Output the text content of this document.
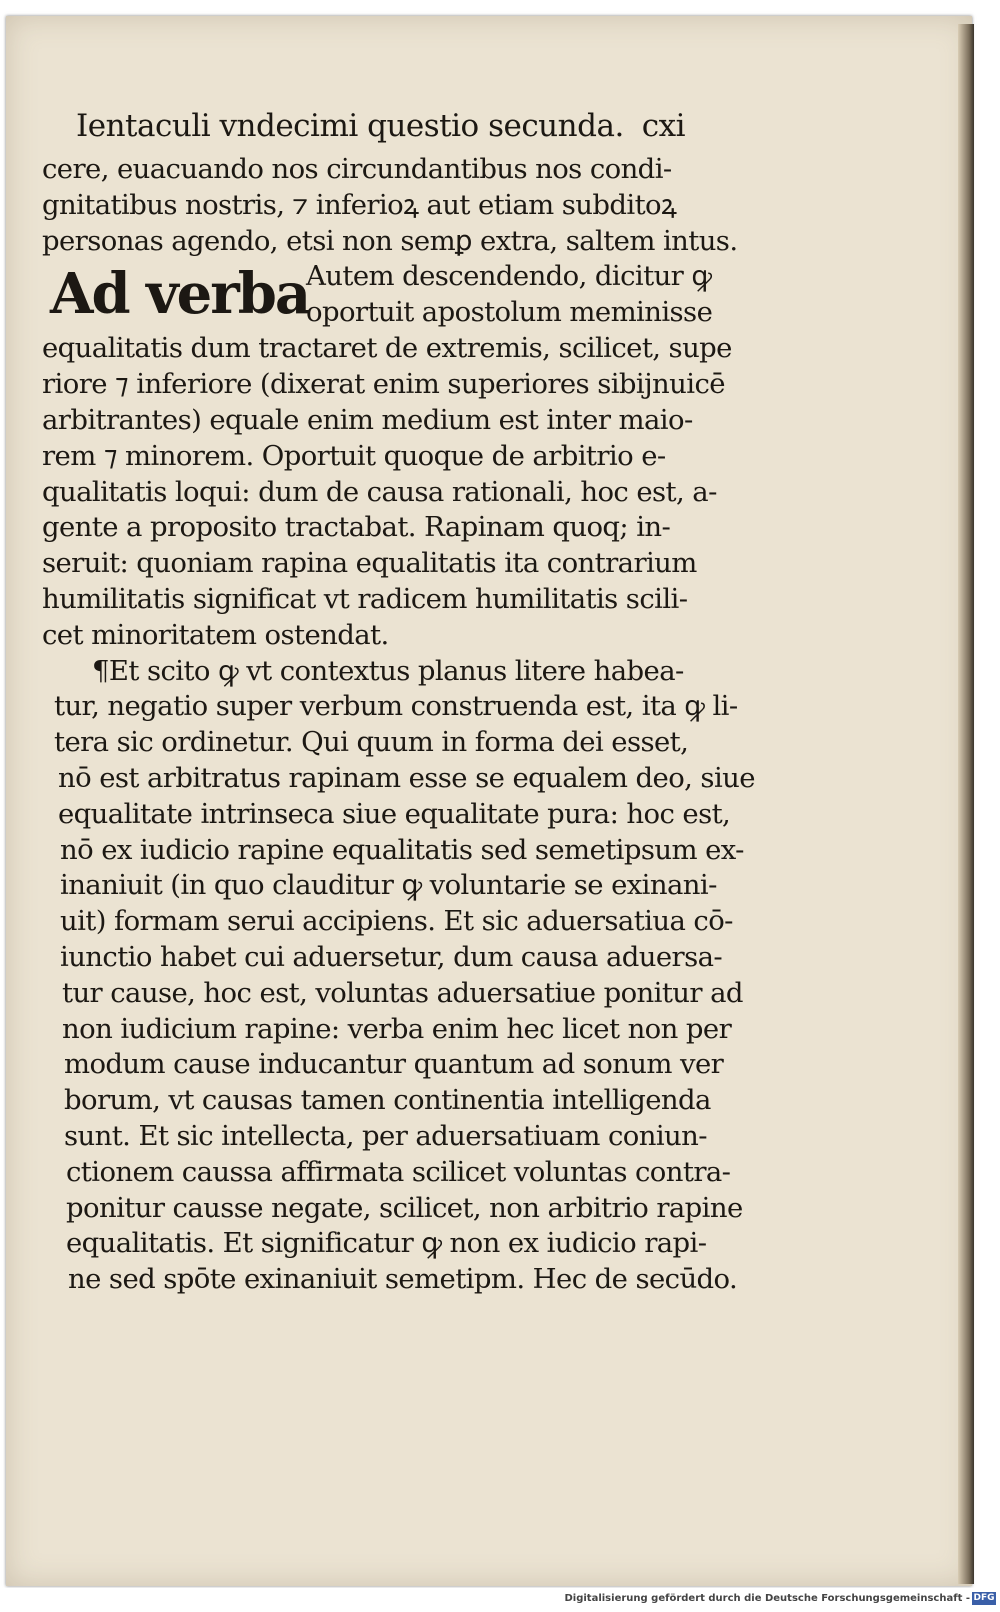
Ientaculi vndecimi questio secunda. cxi
cere, euacuando nos circundantibus nos condi-
gnitatibus nostris, ⁊ inferioꝝ aut etiam subditoꝝ
personas agendo, etsi non semꝑ extra, saltem intus.
Ad verba
Autem descendendo, dicitur ꝙ
oportuit apostolum meminisse
equalitatis dum tractaret de extremis, scilicet, supe
riore ⁊ inferiore (dixerat enim superiores sibijnuicē
arbitrantes) equale enim medium est inter maio-
rem ⁊ minorem. Oportuit quoque de arbitrio e-
qualitatis loqui: dum de causa rationali, hoc est, a-
gente a proposito tractabat. Rapinam quoq; in-
seruit: quoniam rapina equalitatis ita contrarium
humilitatis significat vt radicem humilitatis scili-
cet minoritatem ostendat.
¶Et scito ꝙ vt contextus planus litere habea-
tur, negatio super verbum construenda est, ita ꝙ li-
tera sic ordinetur. Qui quum in forma dei esset,
nō est arbitratus rapinam esse se equalem deo, siue
equalitate intrinseca siue equalitate pura: hoc est,
nō ex iudicio rapine equalitatis sed semetipsum ex-
inaniuit (in quo clauditur ꝙ voluntarie se exinani-
uit) formam serui accipiens. Et sic aduersatiua cō-
iunctio habet cui aduersetur, dum causa aduersa-
tur cause, hoc est, voluntas aduersatiue ponitur ad
non iudicium rapine: verba enim hec licet non per
modum cause inducantur quantum ad sonum ver
borum, vt causas tamen continentia intelligenda
sunt. Et sic intellecta, per aduersatiuam coniun-
ctionem caussa affirmata scilicet voluntas contra-
ponitur causse negate, scilicet, non arbitrio rapine
equalitatis. Et significatur ꝙ non ex iudicio rapi-
ne sed spōte exinaniuit semetipm. Hec de secūdo.
Digitalisierung gefördert durch die Deutsche Forschungsgemeinschaft - DFG
